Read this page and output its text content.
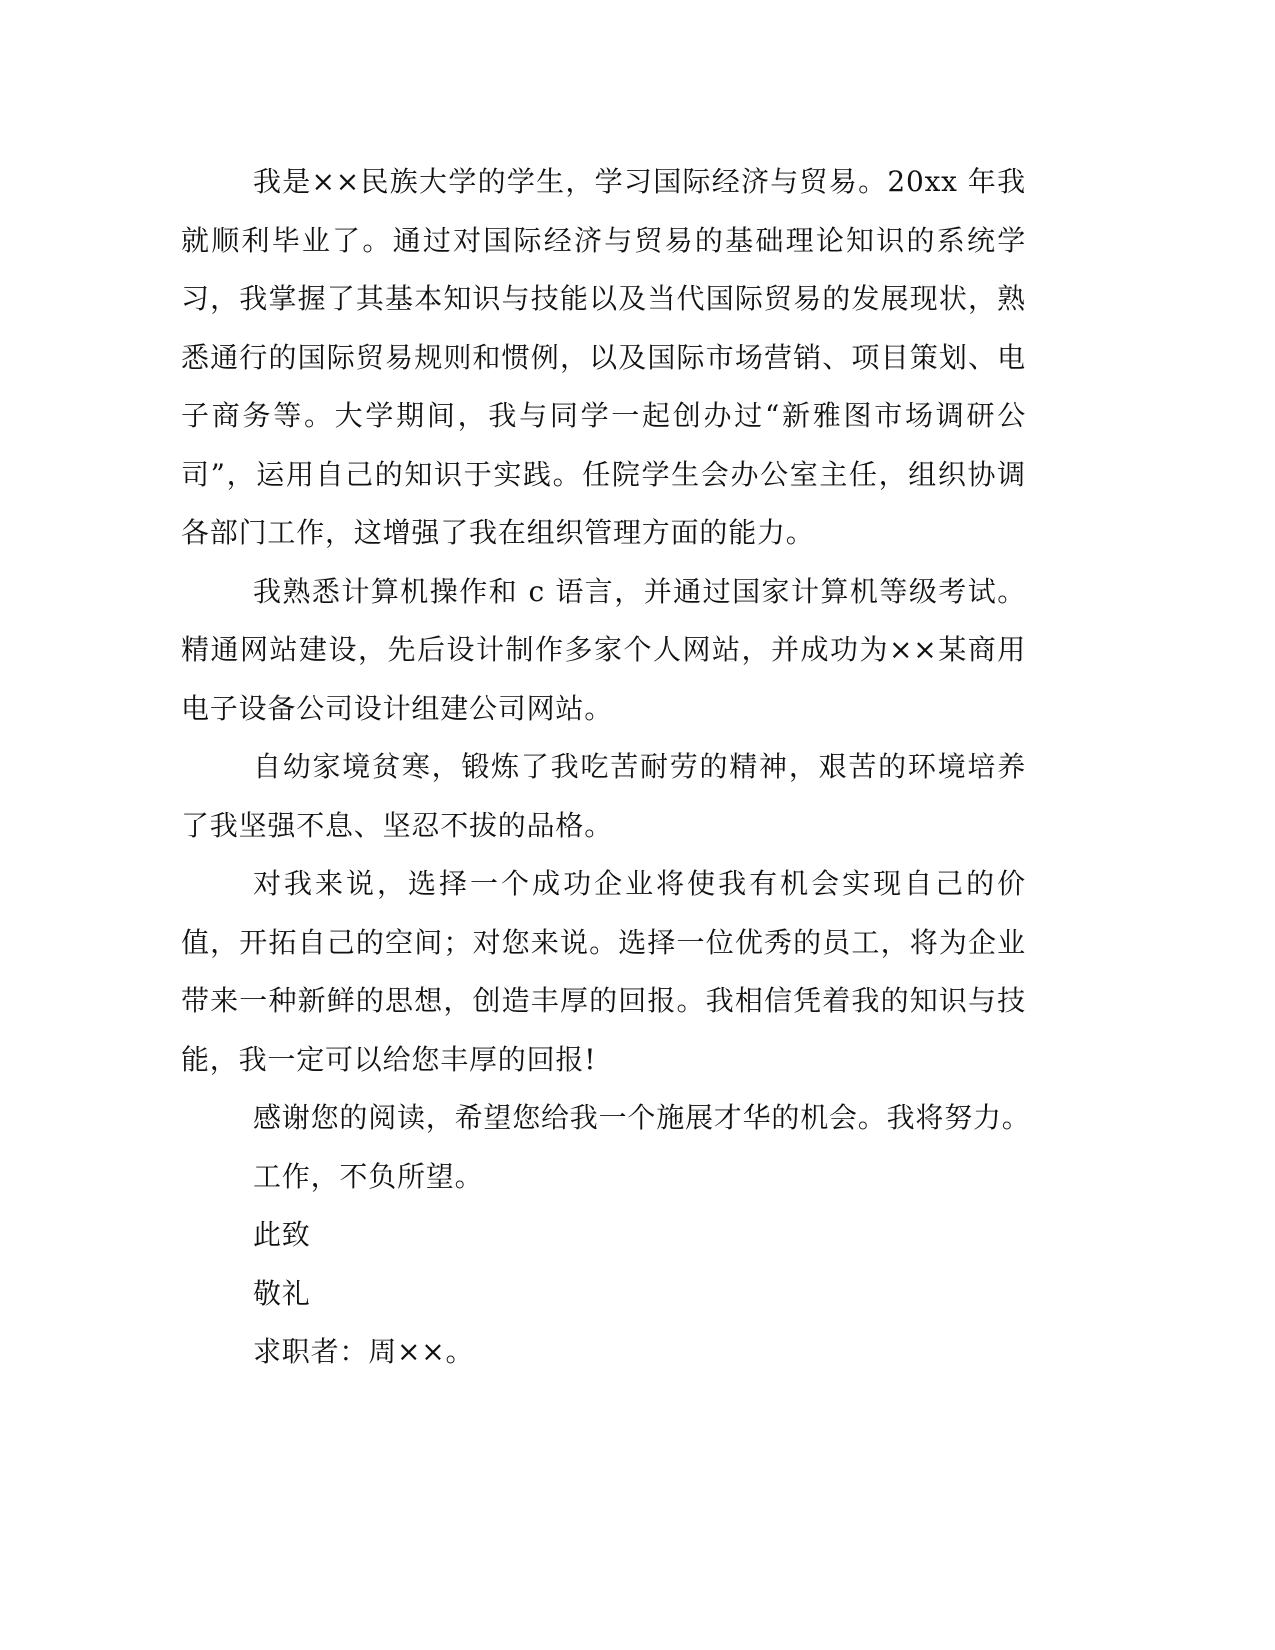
我是××民族大学的学生，学习国际经济与贸易。20xx 年我就顺利毕业了。通过对国际经济与贸易的基础理论知识的系统学习，我掌握了其基本知识与技能以及当代国际贸易的发展现状，熟悉通行的国际贸易规则和惯例，以及国际市场营销、项目策划、电子商务等。大学期间，我与同学一起创办过“新雅图市场调研公司”，运用自己的知识于实践。任院学生会办公室主任，组织协调各部门工作，这增强了我在组织管理方面的能力。

我熟悉计算机操作和 c 语言，并通过国家计算机等级考试。精通网站建设，先后设计制作多家个人网站，并成功为××某商用电子设备公司设计组建公司网站。

自幼家境贫寒，锻炼了我吃苦耐劳的精神，艰苦的环境培养了我坚强不息、坚忍不拔的品格。

对我来说，选择一个成功企业将使我有机会实现自己的价值，开拓自己的空间；对您来说。选择一位优秀的员工，将为企业带来一种新鲜的思想，创造丰厚的回报。我相信凭着我的知识与技能，我一定可以给您丰厚的回报!

感谢您的阅读，希望您给我一个施展才华的机会。我将努力。

工作，不负所望。

此致

敬礼

求职者：周××。
